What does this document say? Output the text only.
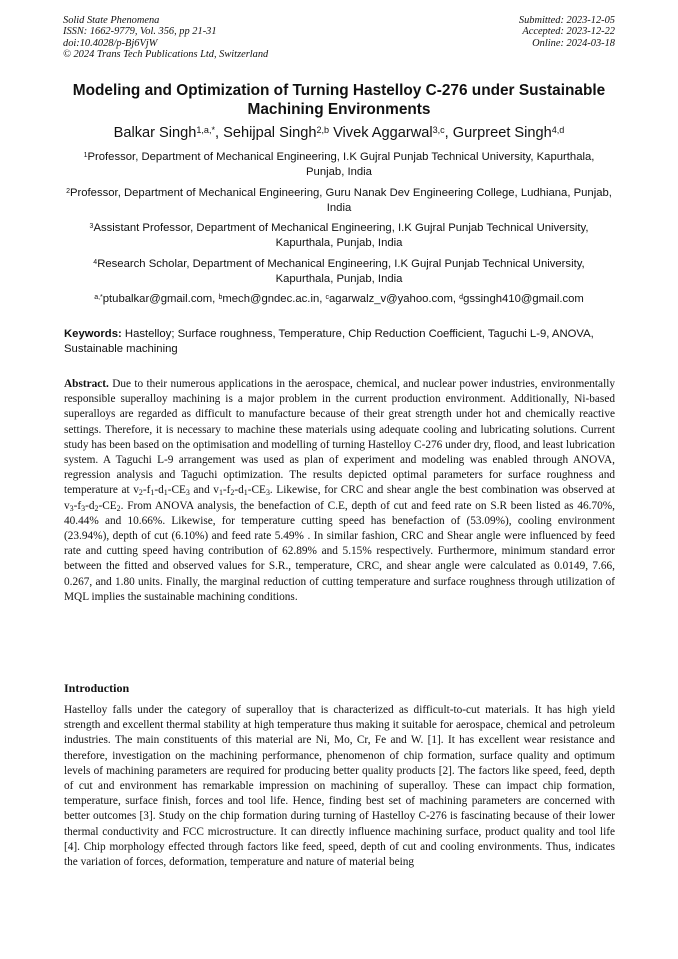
Solid State Phenomena
ISSN: 1662-9779, Vol. 356, pp 21-31
doi:10.4028/p-Bj6VjW
© 2024 Trans Tech Publications Ltd, Switzerland
Submitted: 2023-12-05
Accepted: 2023-12-22
Online: 2024-03-18
Modeling and Optimization of Turning Hastelloy C-276 under Sustainable Machining Environments
Balkar Singh$^{1,a,*}$, Sehijpal Singh$^{2,b}$ Vivek Aggarwal$^{3,c}$, Gurpreet Singh$^{4,d}$
$^1$Professor, Department of Mechanical Engineering, I.K Gujral Punjab Technical University, Kapurthala, Punjab, India
$^2$Professor, Department of Mechanical Engineering, Guru Nanak Dev Engineering College, Ludhiana, Punjab, India
$^3$Assistant Professor, Department of Mechanical Engineering, I.K Gujral Punjab Technical University, Kapurthala, Punjab, India
$^4$Research Scholar, Department of Mechanical Engineering, I.K Gujral Punjab Technical University, Kapurthala, Punjab, India
$^{a,*}$ptubalkar@gmail.com, $^b$mech@gndec.ac.in, $^c$agarwalz_v@yahoo.com, $^d$gssingh410@gmail.com
Keywords: Hastelloy; Surface roughness, Temperature, Chip Reduction Coefficient, Taguchi L-9, ANOVA, Sustainable machining
Abstract. Due to their numerous applications in the aerospace, chemical, and nuclear power industries, environmentally responsible superalloy machining is a major problem in the current production environment. Additionally, Ni-based superalloys are regarded as difficult to manufacture because of their great strength under hot and chemically reactive settings. Therefore, it is necessary to machine these materials using adequate cooling and lubricating solutions. Current study has been based on the optimisation and modelling of turning Hastelloy C-276 under dry, flood, and least lubrication system. A Taguchi L-9 arrangement was used as plan of experiment and modeling was enabled through ANOVA, regression analysis and Taguchi optimization. The results depicted optimal parameters for surface roughness and temperature at $v_2-f_1-d_1-CE_3$ and $v_1-f_2-d_1-CE_3$. Likewise, for CRC and shear angle the best combination was observed at $v_3-f_3-d_2-CE_2$. From ANOVA analysis, the benefaction of C.E, depth of cut and feed rate on S.R been listed as 46.70%, 40.44% and 10.66%. Likewise, for temperature cutting speed has benefaction of (53.09%), cooling environment (23.94%), depth of cut (6.10%) and feed rate 5.49% . In similar fashion, CRC and Shear angle were influenced by feed rate and cutting speed having contribution of 62.89% and 5.15% respectively. Furthermore, minimum standard error between the fitted and observed values for S.R., temperature, CRC, and shear angle were calculated as 0.0149, 7.66, 0.267, and 1.80 units. Finally, the marginal reduction of cutting temperature and surface roughness through utilization of MQL implies the sustainable machining conditions.
Introduction
Hastelloy falls under the category of superalloy that is characterized as difficult-to-cut materials. It has high yield strength and excellent thermal stability at high temperature thus making it suitable for aerospace, chemical and petroleum industries. The main constituents of this material are Ni, Mo, Cr, Fe and W. [1]. It has excellent wear resistance and therefore, investigation on the machining performance, phenomenon of chip formation, surface quality and optimum levels of machining parameters are required for producing better quality products [2]. The factors like speed, feed, depth of cut and environment has remarkable impression on machining of superalloy. These can impact chip formation, temperature, surface finish, forces and tool life. Hence, finding best set of machining parameters are concerned with better outcomes [3]. Study on the chip formation during turning of Hastelloy C-276 is fascinating because of their lower thermal conductivity and FCC microstructure. It can directly influence machining surface, product quality and tool life [4]. Chip morphology effected through factors like feed, speed, depth of cut and cooling environments. Thus, indicates the variation of forces, deformation, temperature and nature of material being
